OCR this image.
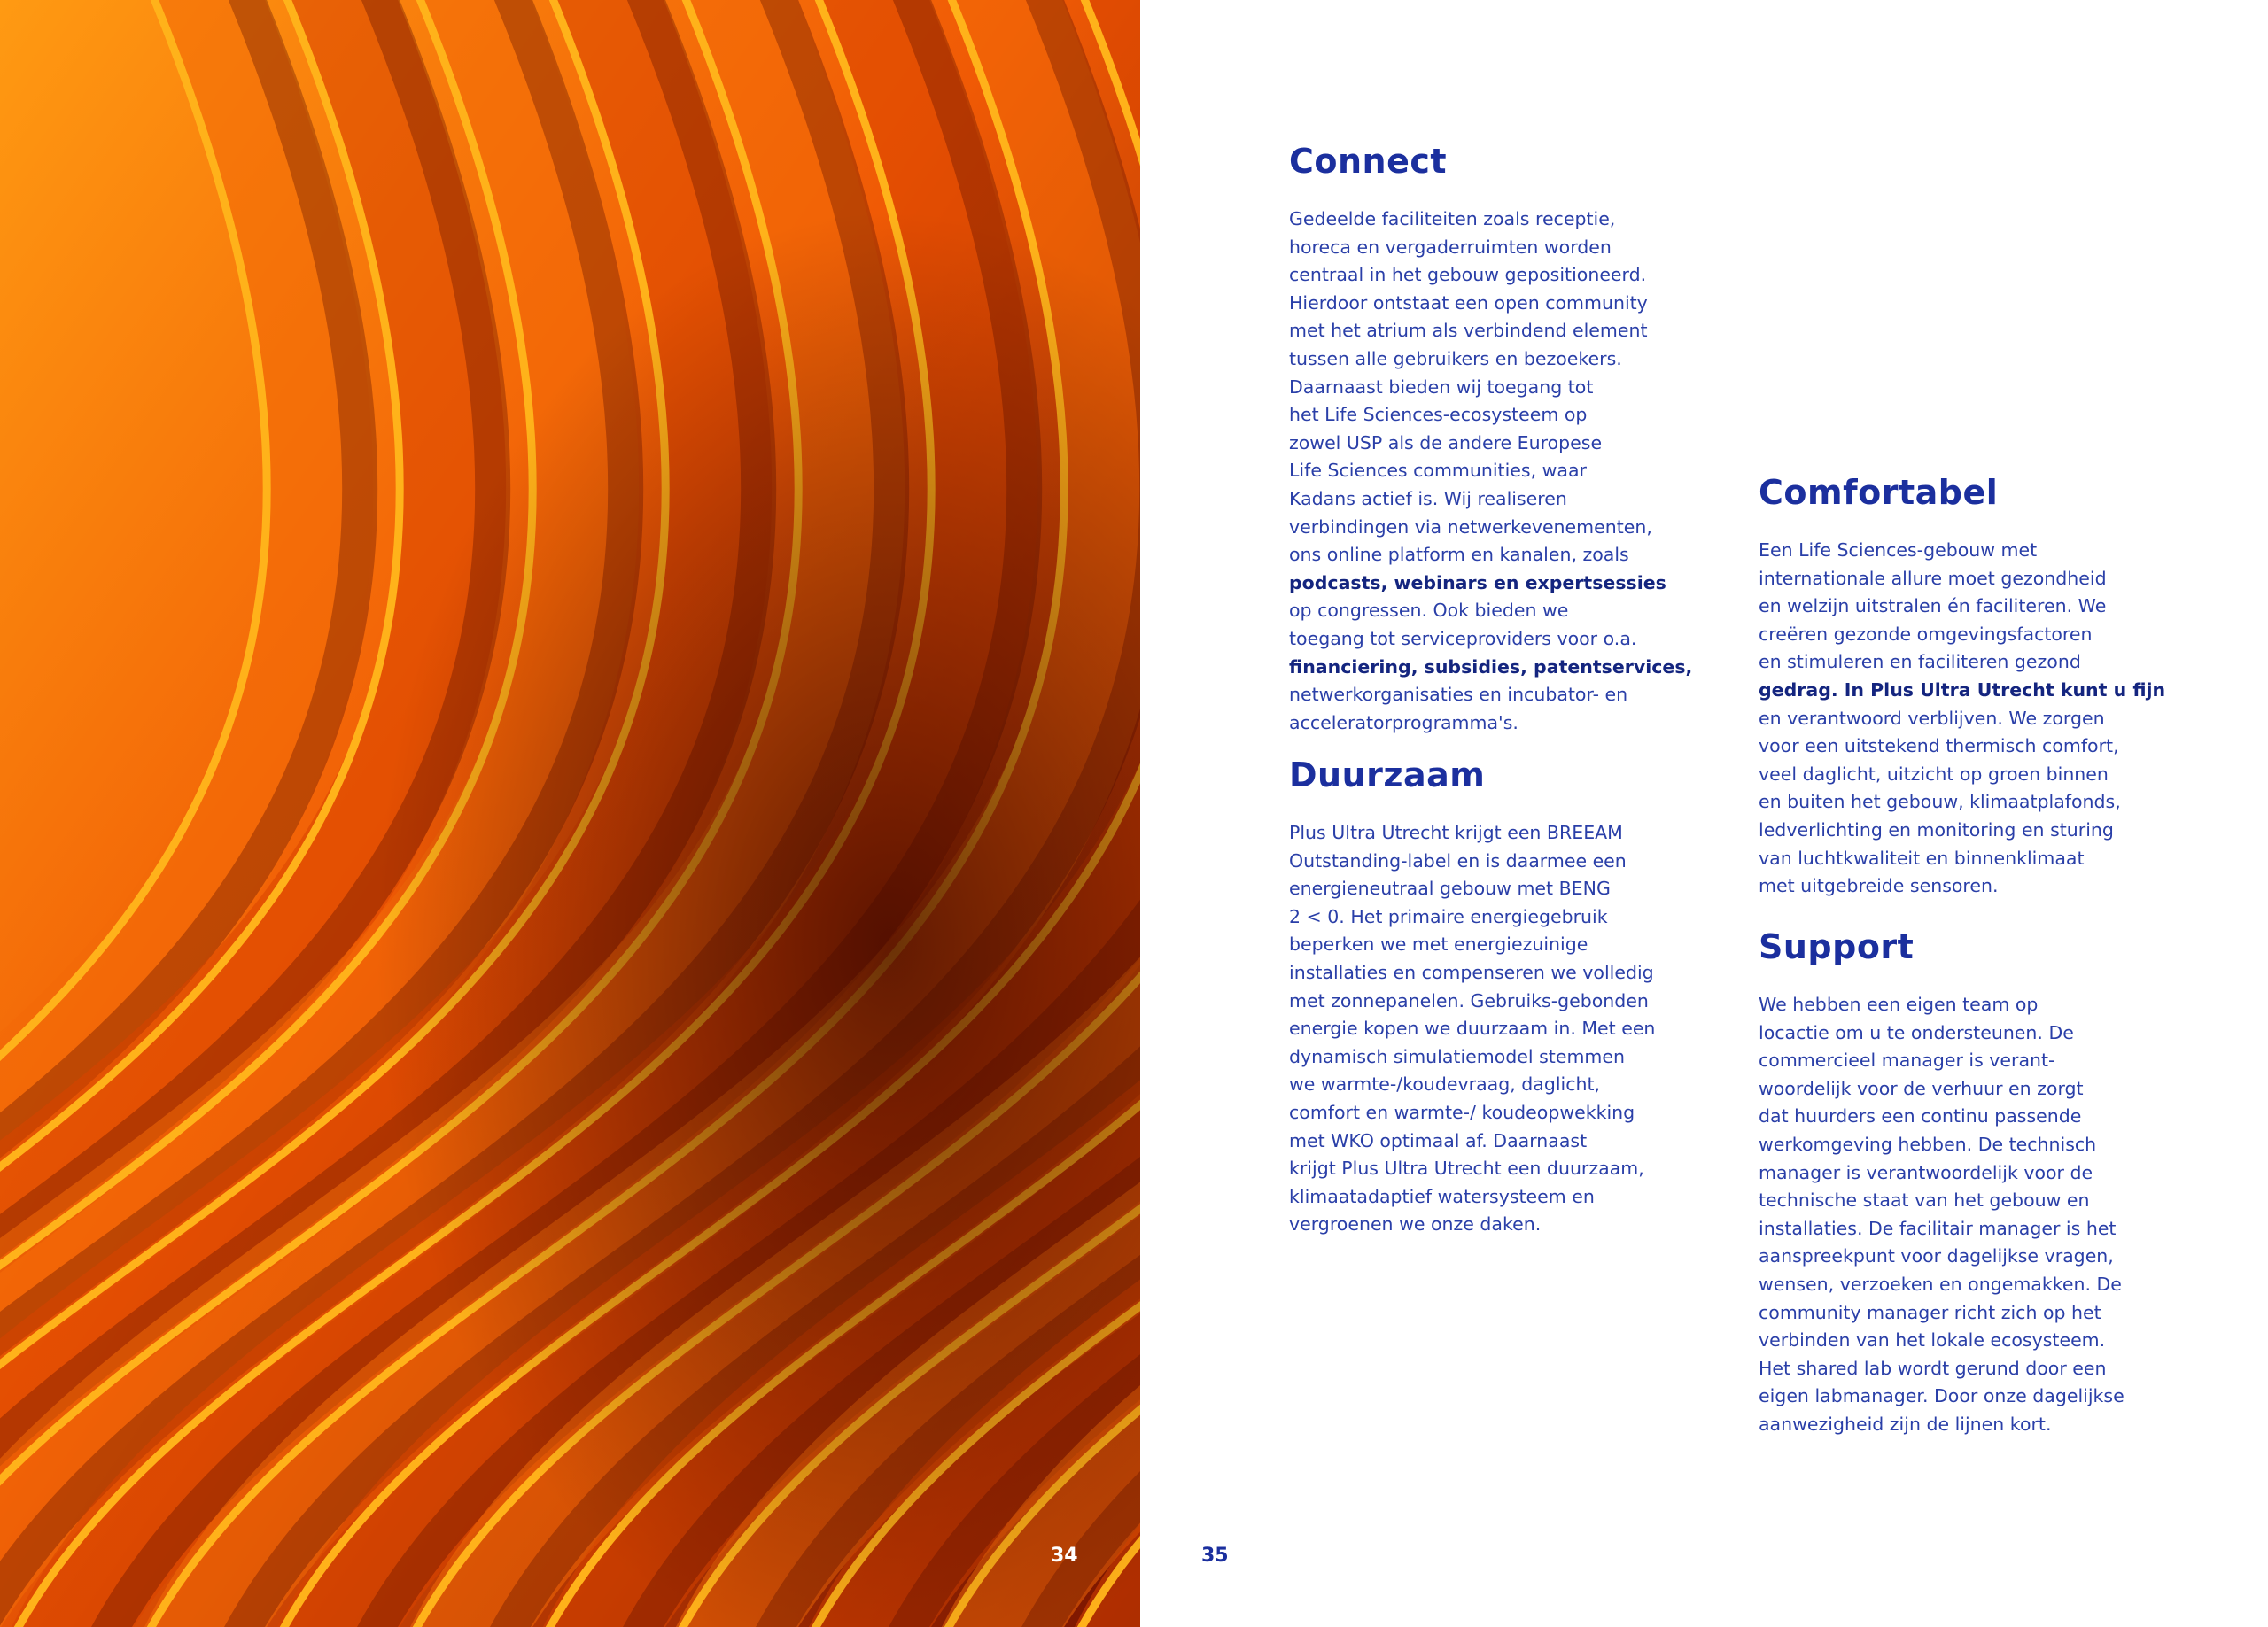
34	35
Connect

Gedeelde faciliteiten zoals receptie,
horeca en vergaderruimten worden
centraal in het gebouw gepositioneerd.
Hierdoor ontstaat een open community
met het atrium als verbindend element
tussen alle gebruikers en bezoekers.
Daarnaast bieden wij toegang tot
het Life Sciences-ecosysteem op
zowel USP als de andere Europese
Life Sciences communities, waar
Kadans actief is. Wij realiseren
verbindingen via netwerkevenementen,
ons online platform en kanalen, zoals
podcasts, webinars en expertsessies
op congressen. Ook bieden we
toegang tot serviceproviders voor o.a.
financiering, subsidies, patentservices,
netwerkorganisaties en incubator- en
acceleratorprogramma's.

Duurzaam

Plus Ultra Utrecht krijgt een BREEAM
Outstanding-label en is daarmee een
energieneutraal gebouw met BENG
2 < 0. Het primaire energiegebruik
beperken we met energiezuinige
installaties en compenseren we volledig
met zonnepanelen. Gebruiks-gebonden
energie kopen we duurzaam in. Met een
dynamisch simulatiemodel stemmen
we warmte-/koudevraag, daglicht,
comfort en warmte-/ koudeopwekking
met WKO optimaal af. Daarnaast
krijgt Plus Ultra Utrecht een duurzaam,
klimaatadaptief watersysteem en
vergroenen we onze daken.

Comfortabel

Een Life Sciences-gebouw met
internationale allure moet gezondheid
en welzijn uitstralen én faciliteren. We
creëren gezonde omgevingsfactoren
en stimuleren en faciliteren gezond
gedrag. In Plus Ultra Utrecht kunt u fijn
en verantwoord verblijven. We zorgen
voor een uitstekend thermisch comfort,
veel daglicht, uitzicht op groen binnen
en buiten het gebouw, klimaatplafonds,
ledverlichting en monitoring en sturing
van luchtkwaliteit en binnenklimaat
met uitgebreide sensoren.

Support

We hebben een eigen team op
locactie om u te ondersteunen. De
commercieel manager is verant-
woordelijk voor de verhuur en zorgt
dat huurders een continu passende
werkomgeving hebben. De technisch
manager is verantwoordelijk voor de
technische staat van het gebouw en
installaties. De facilitair manager is het
aanspreekpunt voor dagelijkse vragen,
wensen, verzoeken en ongemakken. De
community manager richt zich op het
verbinden van het lokale ecosysteem.
Het shared lab wordt gerund door een
eigen labmanager. Door onze dagelijkse
aanwezigheid zijn de lijnen kort.
